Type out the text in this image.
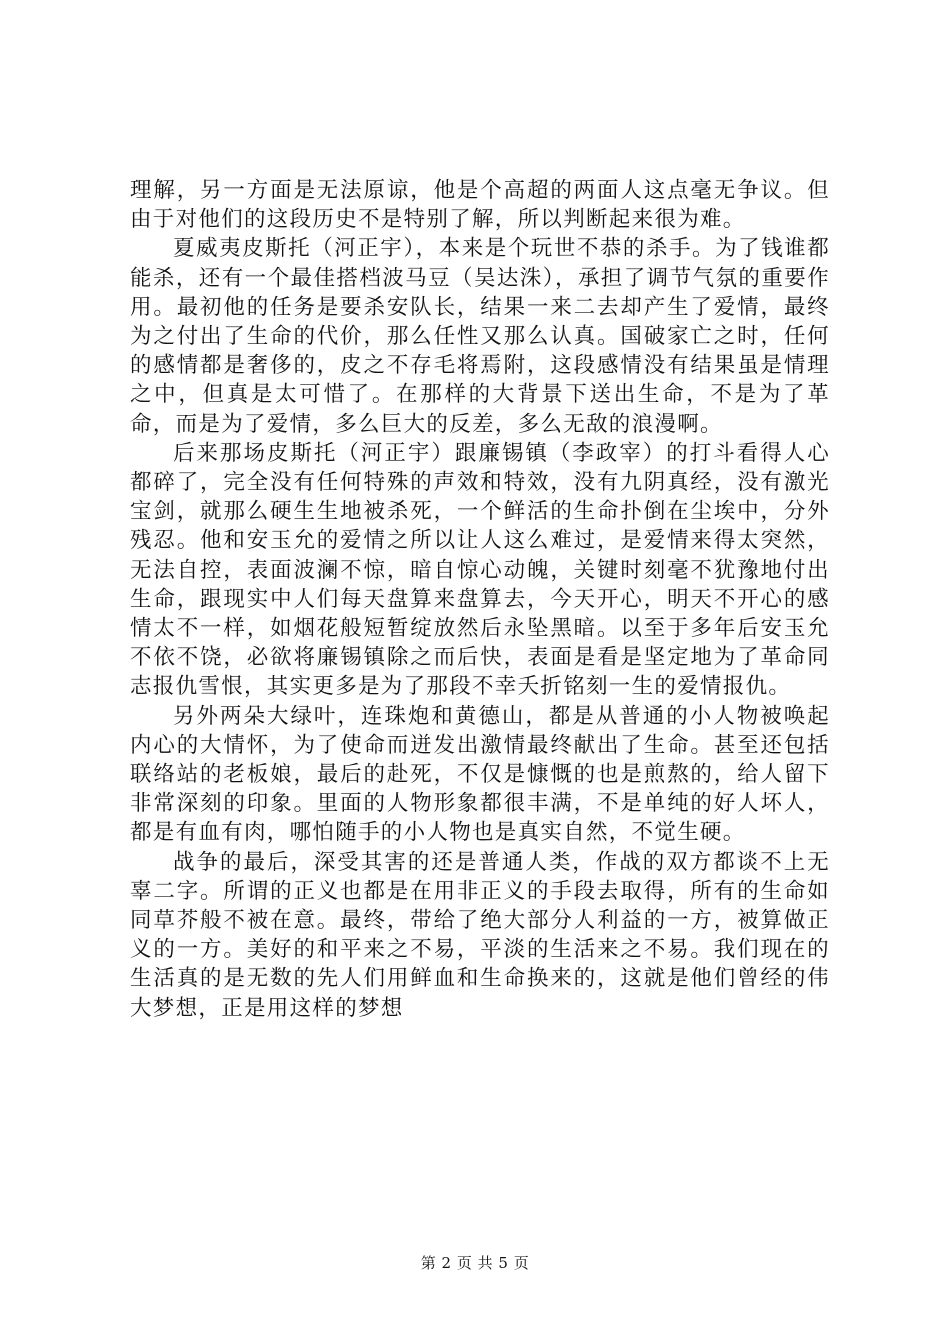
理解，另一方面是无法原谅，他是个高超的两面人这点毫无争议。但由于对他们的这段历史不是特别了解，所以判断起来很为难。

夏威夷皮斯托（河正宇），本来是个玩世不恭的杀手。为了钱谁都能杀，还有一个最佳搭档波马豆（吴达洙），承担了调节气氛的重要作用。最初他的任务是要杀安队长，结果一来二去却产生了爱情，最终为之付出了生命的代价，那么任性又那么认真。国破家亡之时，任何的感情都是奢侈的，皮之不存毛将焉附，这段感情没有结果虽是情理之中，但真是太可惜了。在那样的大背景下送出生命，不是为了革命，而是为了爱情，多么巨大的反差，多么无敌的浪漫啊。

后来那场皮斯托（河正宇）跟廉锡镇（李政宰）的打斗看得人心都碎了，完全没有任何特殊的声效和特效，没有九阴真经，没有激光宝剑，就那么硬生生地被杀死，一个鲜活的生命扑倒在尘埃中，分外残忍。他和安玉允的爱情之所以让人这么难过，是爱情来得太突然，无法自控，表面波澜不惊，暗自惊心动魄，关键时刻毫不犹豫地付出生命，跟现实中人们每天盘算来盘算去，今天开心，明天不开心的感情太不一样，如烟花般短暂绽放然后永坠黑暗。以至于多年后安玉允不依不饶，必欲将廉锡镇除之而后快，表面是看是坚定地为了革命同志报仇雪恨，其实更多是为了那段不幸夭折铭刻一生的爱情报仇。

另外两朵大绿叶，连珠炮和黄德山，都是从普通的小人物被唤起内心的大情怀，为了使命而迸发出激情最终献出了生命。甚至还包括联络站的老板娘，最后的赴死，不仅是慷慨的也是煎熬的，给人留下非常深刻的印象。里面的人物形象都很丰满，不是单纯的好人坏人，都是有血有肉，哪怕随手的小人物也是真实自然，不觉生硬。

战争的最后，深受其害的还是普通人类，作战的双方都谈不上无辜二字。所谓的正义也都是在用非正义的手段去取得，所有的生命如同草芥般不被在意。最终，带给了绝大部分人利益的一方，被算做正义的一方。美好的和平来之不易，平淡的生活来之不易。我们现在的生活真的是无数的先人们用鲜血和生命换来的，这就是他们曾经的伟大梦想，正是用这样的梦想

第 2 页 共 5 页
